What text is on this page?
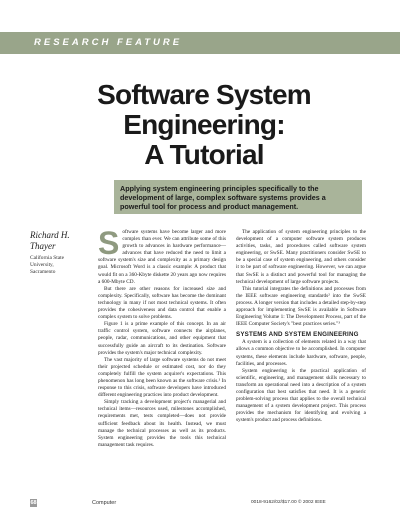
RESEARCH FEATURE
Software System
Engineering:
A Tutorial
Applying system engineering principles specifically to the development of large, complex software systems provides a powerful tool for process and product management.
Richard H.
Thayer
California State
University,
Sacramento

Software systems have become larger and more complex than ever. We can attribute some of this growth to advances in hardware performance—advances that have reduced the need to limit a software system's size and complexity as a primary design goal. Microsoft Word is a classic example: A product that would fit on a 360-Kbyte diskette 20 years ago now requires a 600-Mbyte CD.

But there are other reasons for increased size and complexity. Specifically, software has become the dominant technology in many if not most technical systems. It often provides the cohesiveness and data control that enable a complex system to solve problems.

Figure 1 is a prime example of this concept. In an air traffic control system, software connects the airplanes, people, radar, communications, and other equipment that successfully guide an aircraft to its destination. Software provides the system's major technical complexity.

The vast majority of large software systems do not meet their projected schedule or estimated cost, nor do they completely fulfill the system acquirer's expectations. This phenomenon has long been known as the software crisis.¹ In response to this crisis, software developers have introduced different engineering practices into product development.

Simply tracking a development project's managerial and technical items—resources used, milestones accomplished, requirements met, tests completed—does not provide sufficient feedback about its health. Instead, we must manage the technical processes as well as its products. System engineering provides the tools this technical management task requires.

The application of system engineering principles to the development of a computer software system produces activities, tasks, and procedures called software system engineering, or SwSE. Many practitioners consider SwSE to be a special case of system engineering, and others consider it to be part of software engineering. However, we can argue that SwSE is a distinct and powerful tool for managing the technical development of large software projects.

This tutorial integrates the definitions and processes from the IEEE software engineering standards² into the SwSE process. A longer version that includes a detailed step-by-step approach for implementing SwSE is available in Software Engineering Volume 1: The Development Process, part of the IEEE Computer Society's "best practices series."³

SYSTEMS AND SYSTEM ENGINEERING

A system is a collection of elements related in a way that allows a common objective to be accomplished. In computer systems, these elements include hardware, software, people, facilities, and processes.

System engineering is the practical application of scientific, engineering, and management skills necessary to transform an operational need into a description of a system configuration that best satisfies that need. It is a generic problem-solving process that applies to the overall technical management of a system development project. This process provides the mechanism for identifying and evolving a system's product and process definitions.

68	Computer	0018-9162/02/$17.00 © 2002 IEEE
